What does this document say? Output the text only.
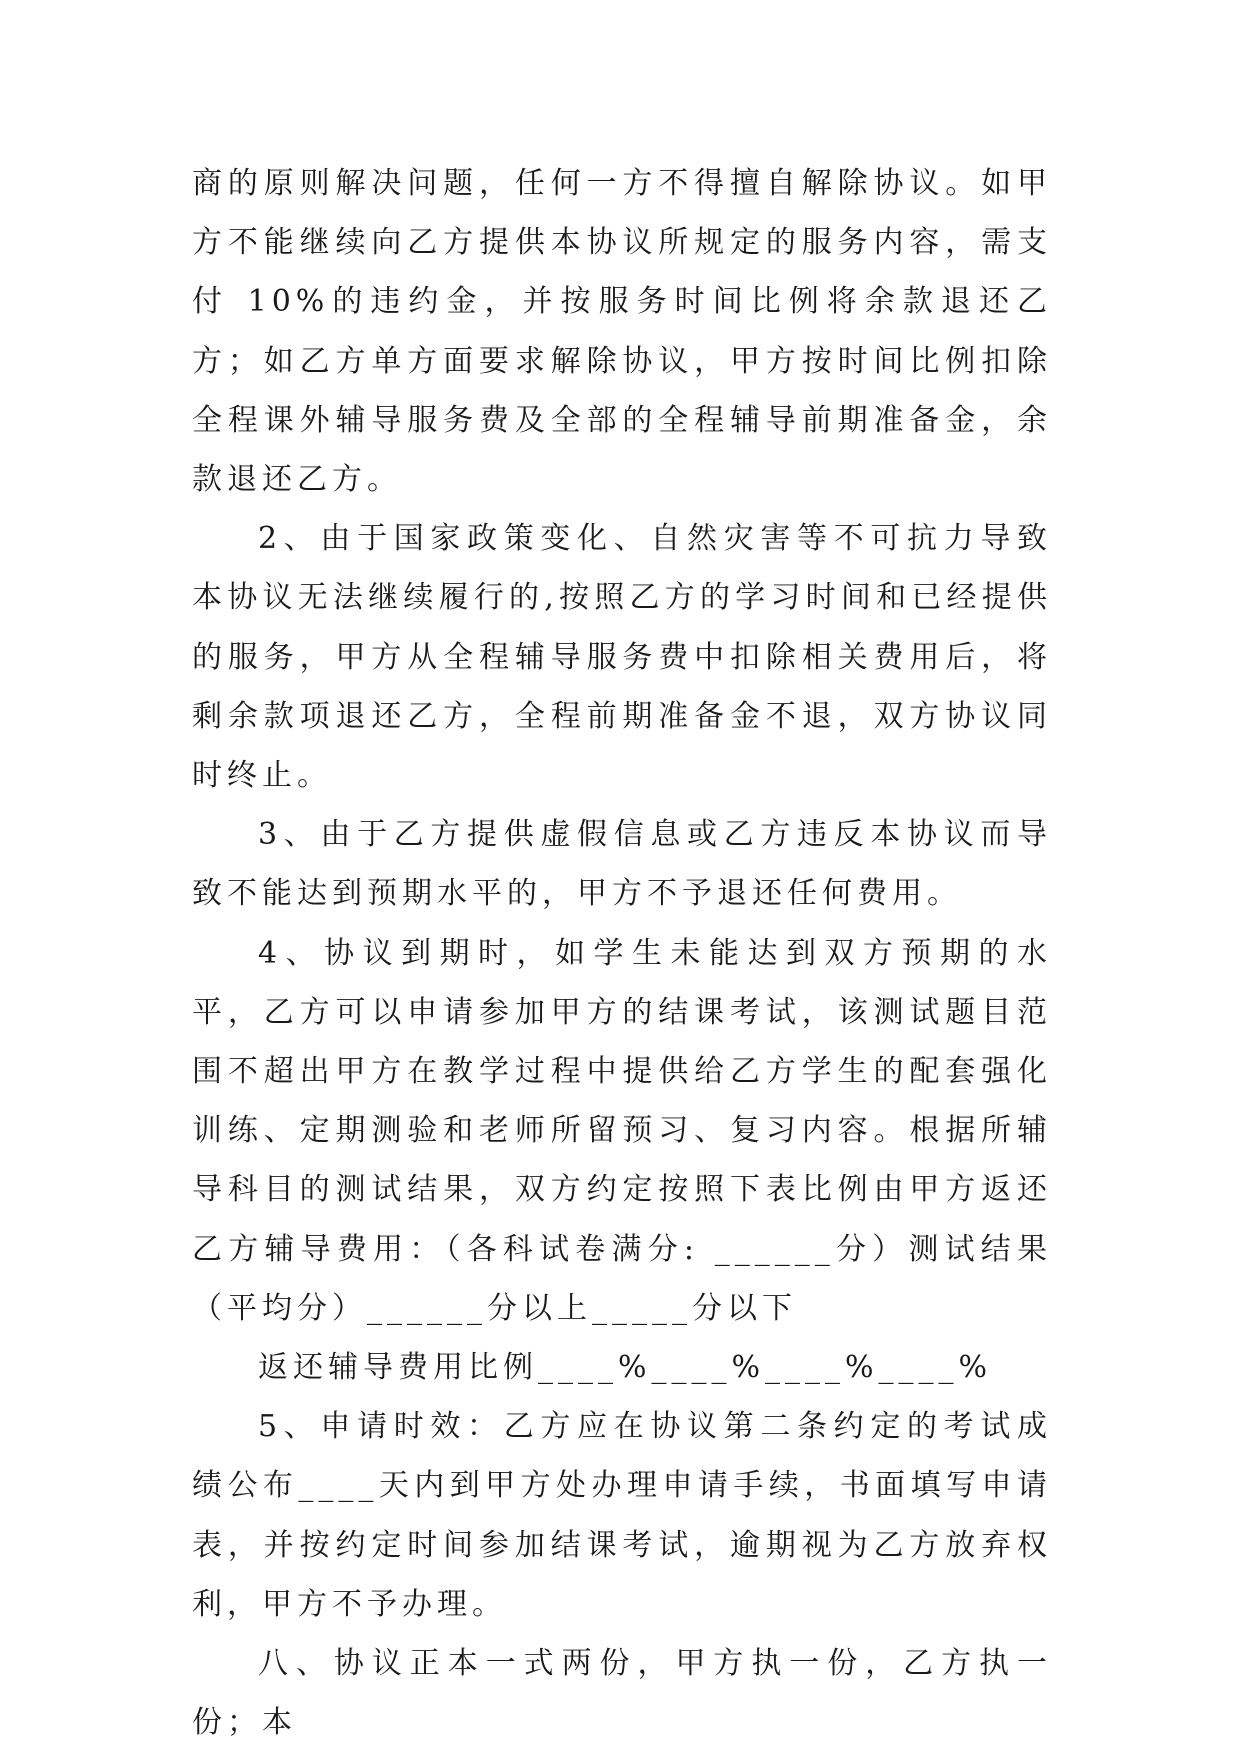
商的原则解决问题，任何一方不得擅自解除协议。如甲方不能继续向乙方提供本协议所规定的服务内容，需支付 10%的违约金，并按服务时间比例将余款退还乙方；如乙方单方面要求解除协议，甲方按时间比例扣除全程课外辅导服务费及全部的全程辅导前期准备金，余款退还乙方。

2、由于国家政策变化、自然灾害等不可抗力导致本协议无法继续履行的,按照乙方的学习时间和已经提供的服务，甲方从全程辅导服务费中扣除相关费用后，将剩余款项退还乙方，全程前期准备金不退，双方协议同时终止。

3、由于乙方提供虚假信息或乙方违反本协议而导致不能达到预期水平的，甲方不予退还任何费用。

4、协议到期时，如学生未能达到双方预期的水平，乙方可以申请参加甲方的结课考试，该测试题目范围不超出甲方在教学过程中提供给乙方学生的配套强化训练、定期测验和老师所留预习、复习内容。根据所辅导科目的测试结果，双方约定按照下表比例由甲方返还乙方辅导费用：（各科试卷满分: ______分）测试结果（平均分）______分以上_____分以下

返还辅导费用比例____%____%____%____%

5、申请时效：乙方应在协议第二条约定的考试成绩公布____天内到甲方处办理申请手续，书面填写申请表，并按约定时间参加结课考试，逾期视为乙方放弃权利，甲方不予办理。

八、协议正本一式两份，甲方执一份，乙方执一份；本
